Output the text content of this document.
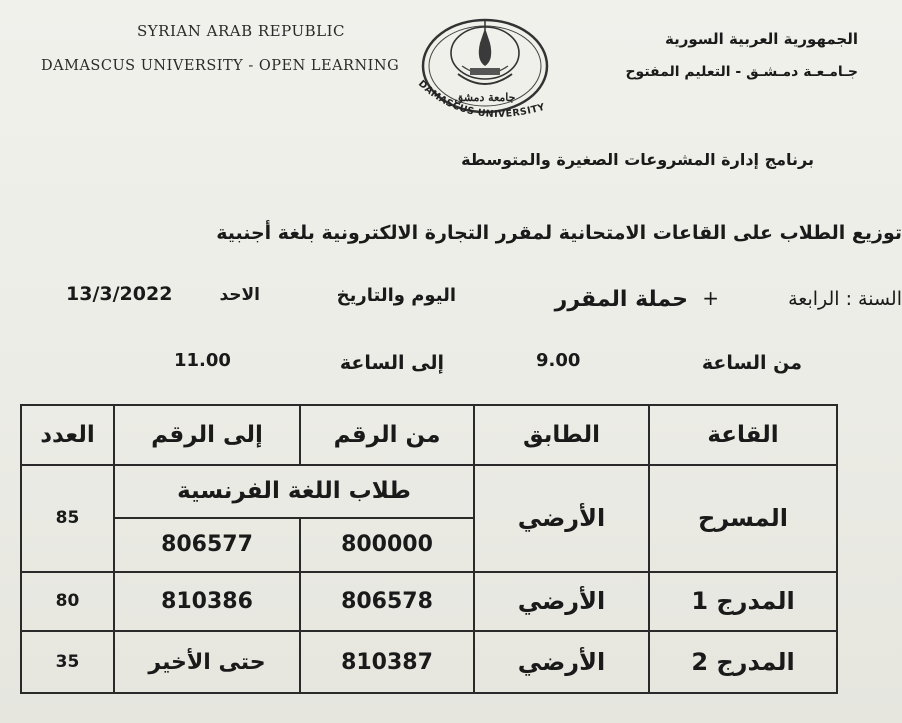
SYRIAN ARAB REPUBLIC
DAMASCUS UNIVERSITY - OPEN LEARNING
الجمهورية العربية السورية
جـامـعـة دمـشـق - التعليم المفتوح
جامعة دمشق
DAMASCUS UNIVERSITY
برنامج إدارة المشروعات الصغيرة والمتوسطة
توزيع الطلاب على القاعات الامتحانية لمقرر التجارة الالكترونية بلغة أجنبية
السنة : الرابعة
+
حملة المقرر
اليوم والتاريخ
الاحد
13/3/2022
من الساعة
9.00
إلى الساعة
11.00
القاعة	الطابق	من الرقم	إلى الرقم	العدد
المسرح	الأرضي	طلاب اللغة الفرنسية		85
		800000	806577	
المدرج 1	الأرضي	806578	810386	80
المدرج 2	الأرضي	810387	حتى الأخير	35
